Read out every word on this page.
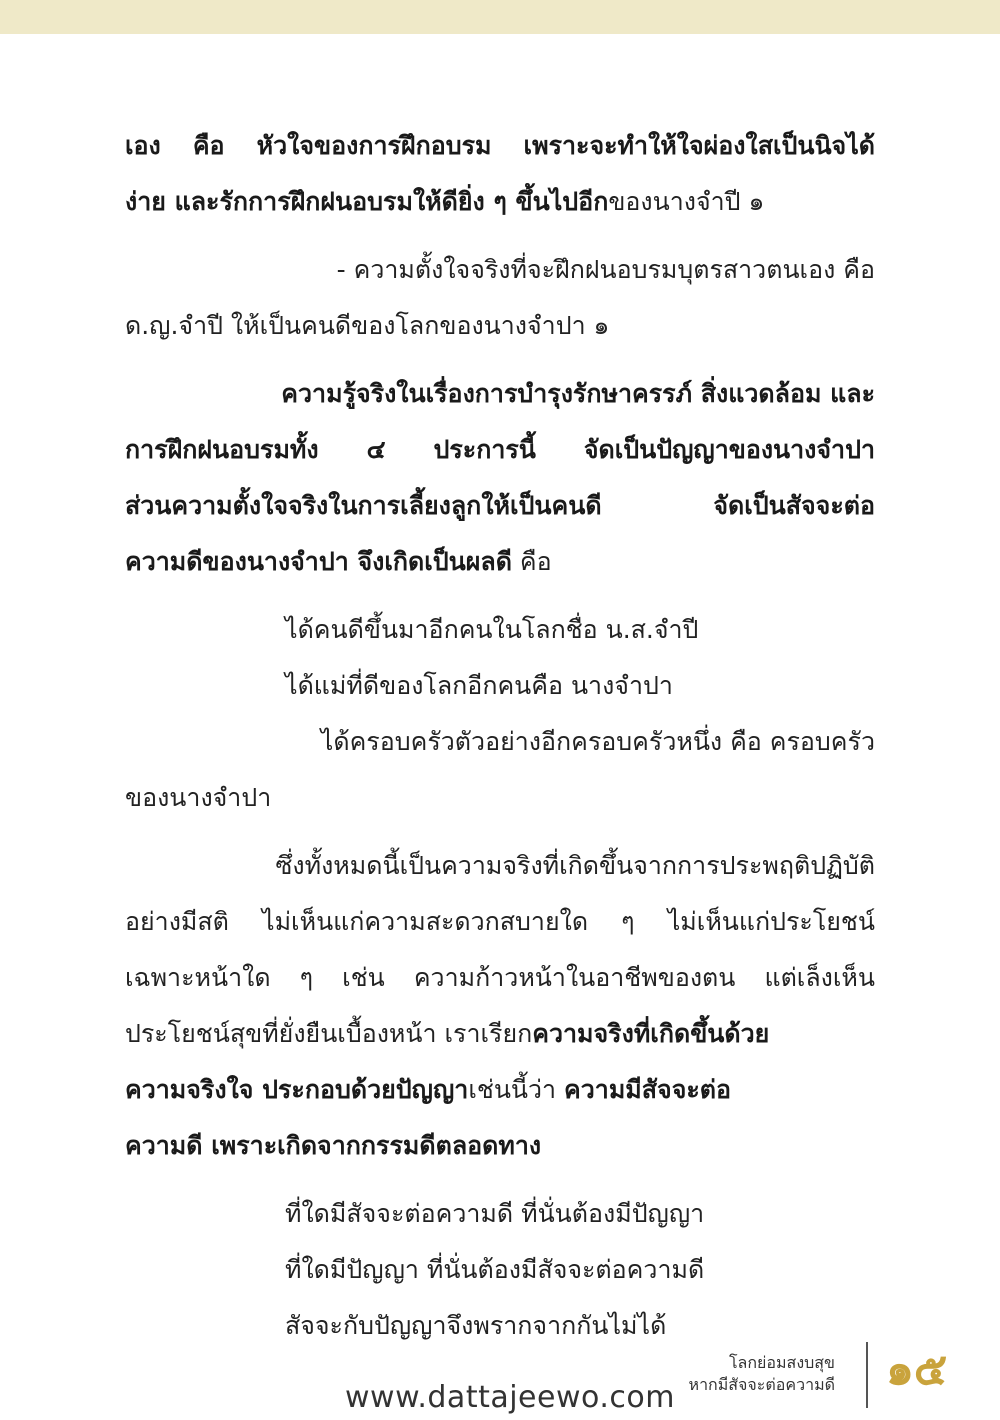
เอง คือ หัวใจของการฝึกอบรม เพราะจะทำให้ใจผ่องใสเป็นนิจได้
ง่าย และรักการฝึกฝนอบรมให้ดียิ่ง ๆ ขึ้นไปอีกของนางจำปี ๑
- ความตั้งใจจริงที่จะฝึกฝนอบรมบุตรสาวตนเอง คือ
ด.ญ.จำปี ให้เป็นคนดีของโลกของนางจำปา ๑
ความรู้จริงในเรื่องการบำรุงรักษาครรภ์ สิ่งแวดล้อม และ
การฝึกฝนอบรมทั้ง ๔ ประการนี้ จัดเป็นปัญญาของนางจำปา
ส่วนความตั้งใจจริงในการเลี้ยงลูกให้เป็นคนดี จัดเป็นสัจจะต่อ
ความดีของนางจำปา จึงเกิดเป็นผลดี คือ
ได้คนดีขึ้นมาอีกคนในโลกชื่อ น.ส.จำปี
ได้แม่ที่ดีของโลกอีกคนคือ นางจำปา
ได้ครอบครัวตัวอย่างอีกครอบครัวหนึ่ง คือ ครอบครัว
ของนางจำปา
ซึ่งทั้งหมดนี้เป็นความจริงที่เกิดขึ้นจากการประพฤติปฏิบัติ
อย่างมีสติ ไม่เห็นแก่ความสะดวกสบายใด ๆ ไม่เห็นแก่ประโยชน์
เฉพาะหน้าใด ๆ เช่น ความก้าวหน้าในอาชีพของตน แต่เล็งเห็น
ประโยชน์สุขที่ยั่งยืนเบื้องหน้า เราเรียกความจริงที่เกิดขึ้นด้วย
ความจริงใจ ประกอบด้วยปัญญาเช่นนี้ว่า ความมีสัจจะต่อ
ความดี เพราะเกิดจากกรรมดีตลอดทาง
ที่ใดมีสัจจะต่อความดี ที่นั่นต้องมีปัญญา
ที่ใดมีปัญญา ที่นั่นต้องมีสัจจะต่อความดี
สัจจะกับปัญญาจึงพรากจากกันไม่ได้
www.dattajeewo.com
โลกย่อมสงบสุข
หากมีสัจจะต่อความดี ๑๕
